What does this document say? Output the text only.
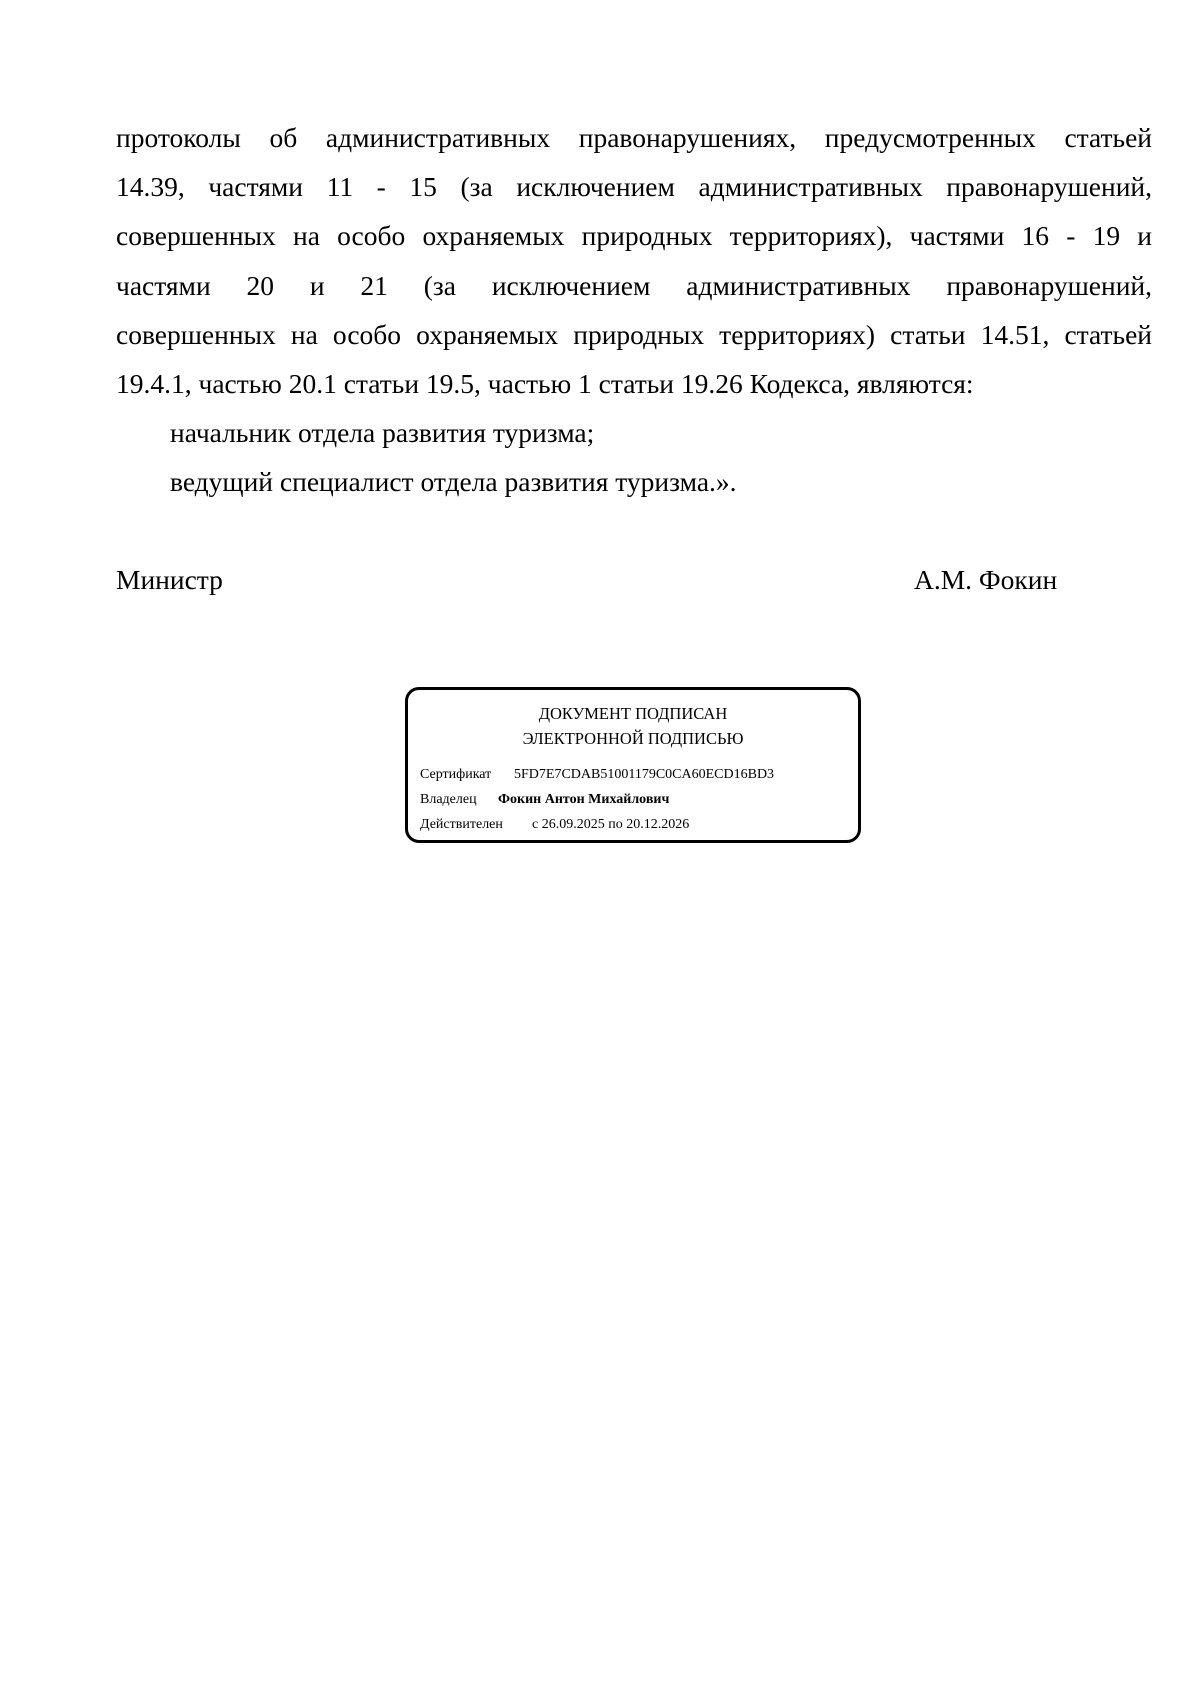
протоколы об административных правонарушениях, предусмотренных статьей
14.39, частями 11 - 15 (за исключением административных правонарушений,
совершенных на особо охраняемых природных территориях), частями 16 - 19 и
частями 20 и 21 (за исключением административных правонарушений,
совершенных на особо охраняемых природных территориях) статьи 14.51, статьей
19.4.1, частью 20.1 статьи 19.5, частью 1 статьи 19.26 Кодекса, являются:
начальник отдела развития туризма;
ведущий специалист отдела развития туризма.».
Министр	А.М. Фокин
ДОКУМЕНТ ПОДПИСАН
ЭЛЕКТРОННОЙ ПОДПИСЬЮ
Сертификат 5FD7E7CDAB51001179C0CA60ECD16BD3
Владелец Фокин Антон Михайлович
Действителен с 26.09.2025 по 20.12.2026
